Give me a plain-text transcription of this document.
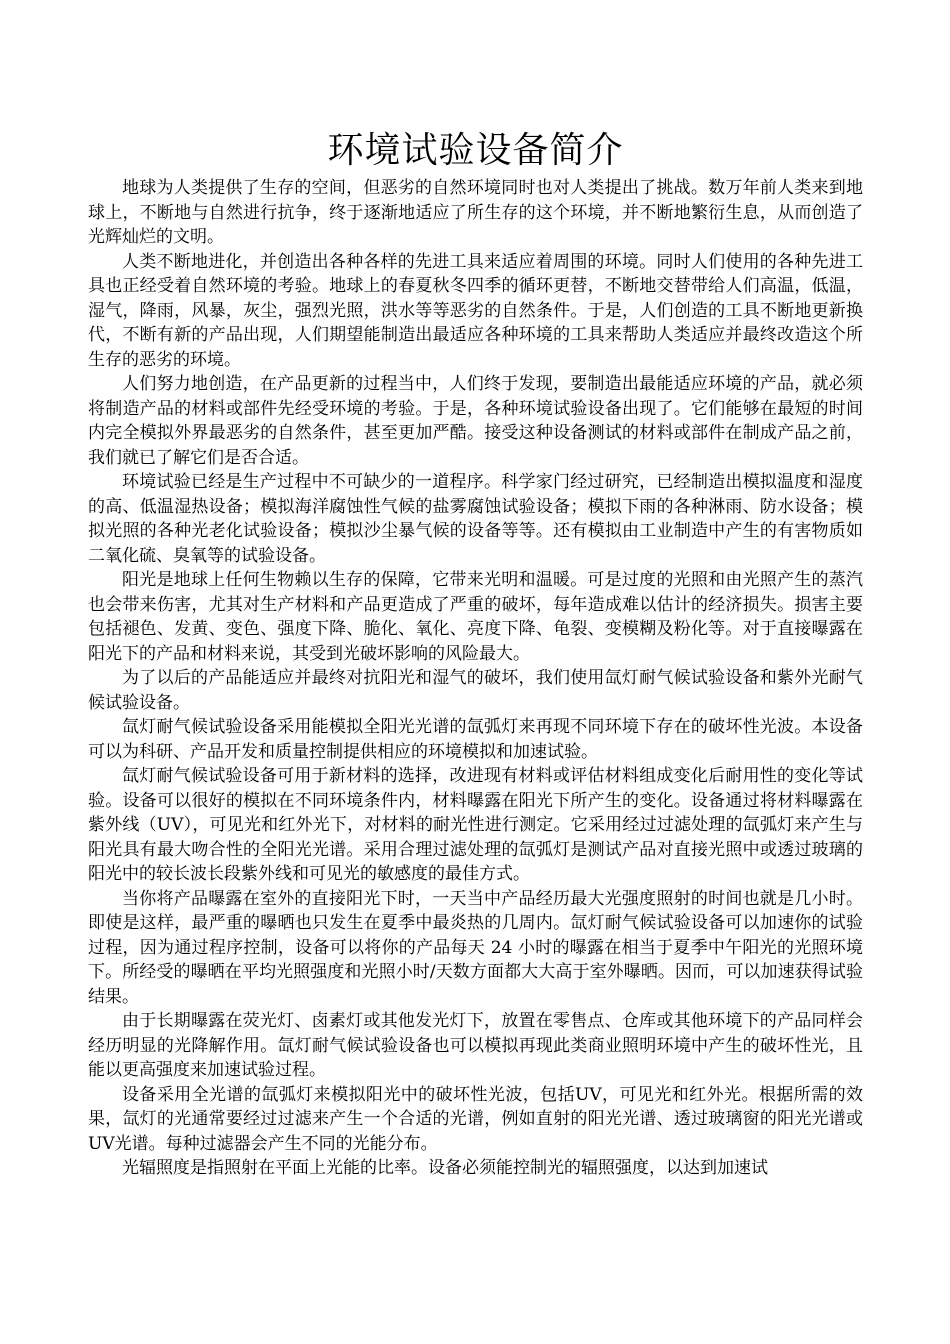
环境试验设备简介

地球为人类提供了生存的空间，但恶劣的自然环境同时也对人类提出了挑战。数万年前人类来到地球上，不断地与自然进行抗争，终于逐渐地适应了所生存的这个环境，并不断地繁衍生息，从而创造了光辉灿烂的文明。

人类不断地进化，并创造出各种各样的先进工具来适应着周围的环境。同时人们使用的各种先进工具也正经受着自然环境的考验。地球上的春夏秋冬四季的循环更替，不断地交替带给人们高温，低温，湿气，降雨，风暴，灰尘，强烈光照，洪水等等恶劣的自然条件。于是，人们创造的工具不断地更新换代，不断有新的产品出现，人们期望能制造出最适应各种环境的工具来帮助人类适应并最终改造这个所生存的恶劣的环境。

人们努力地创造，在产品更新的过程当中，人们终于发现，要制造出最能适应环境的产品，就必须将制造产品的材料或部件先经受环境的考验。于是，各种环境试验设备出现了。它们能够在最短的时间内完全模拟外界最恶劣的自然条件，甚至更加严酷。接受这种设备测试的材料或部件在制成产品之前，我们就已了解它们是否合适。

环境试验已经是生产过程中不可缺少的一道程序。科学家门经过研究，已经制造出模拟温度和湿度的高、低温湿热设备；模拟海洋腐蚀性气候的盐雾腐蚀试验设备；模拟下雨的各种淋雨、防水设备；模拟光照的各种光老化试验设备；模拟沙尘暴气候的设备等等。还有模拟由工业制造中产生的有害物质如二氧化硫、臭氧等的试验设备。

阳光是地球上任何生物赖以生存的保障，它带来光明和温暖。可是过度的光照和由光照产生的蒸汽也会带来伤害，尤其对生产材料和产品更造成了严重的破坏，每年造成难以估计的经济损失。损害主要包括褪色、发黄、变色、强度下降、脆化、氧化、亮度下降、龟裂、变模糊及粉化等。对于直接曝露在阳光下的产品和材料来说，其受到光破坏影响的风险最大。

为了以后的产品能适应并最终对抗阳光和湿气的破坏，我们使用氙灯耐气候试验设备和紫外光耐气候试验设备。

氙灯耐气候试验设备采用能模拟全阳光光谱的氙弧灯来再现不同环境下存在的破坏性光波。本设备可以为科研、产品开发和质量控制提供相应的环境模拟和加速试验。

氙灯耐气候试验设备可用于新材料的选择，改进现有材料或评估材料组成变化后耐用性的变化等试验。设备可以很好的模拟在不同环境条件内，材料曝露在阳光下所产生的变化。设备通过将材料曝露在紫外线（UV），可见光和红外光下，对材料的耐光性进行测定。它采用经过过滤处理的氙弧灯来产生与阳光具有最大吻合性的全阳光光谱。采用合理过滤处理的氙弧灯是测试产品对直接光照中或透过玻璃的阳光中的较长波长段紫外线和可见光的敏感度的最佳方式。

当你将产品曝露在室外的直接阳光下时，一天当中产品经历最大光强度照射的时间也就是几小时。即使是这样，最严重的曝晒也只发生在夏季中最炎热的几周内。氙灯耐气候试验设备可以加速你的试验过程，因为通过程序控制，设备可以将你的产品每天 24 小时的曝露在相当于夏季中午阳光的光照环境下。所经受的曝晒在平均光照强度和光照小时/天数方面都大大高于室外曝晒。因而，可以加速获得试验结果。

由于长期曝露在荧光灯、卤素灯或其他发光灯下，放置在零售点、仓库或其他环境下的产品同样会经历明显的光降解作用。氙灯耐气候试验设备也可以模拟再现此类商业照明环境中产生的破坏性光，且能以更高强度来加速试验过程。

设备采用全光谱的氙弧灯来模拟阳光中的破坏性光波，包括UV，可见光和红外光。根据所需的效果，氙灯的光通常要经过过滤来产生一个合适的光谱，例如直射的阳光光谱、透过玻璃窗的阳光光谱或UV光谱。每种过滤器会产生不同的光能分布。

光辐照度是指照射在平面上光能的比率。设备必须能控制光的辐照强度，以达到加速试
